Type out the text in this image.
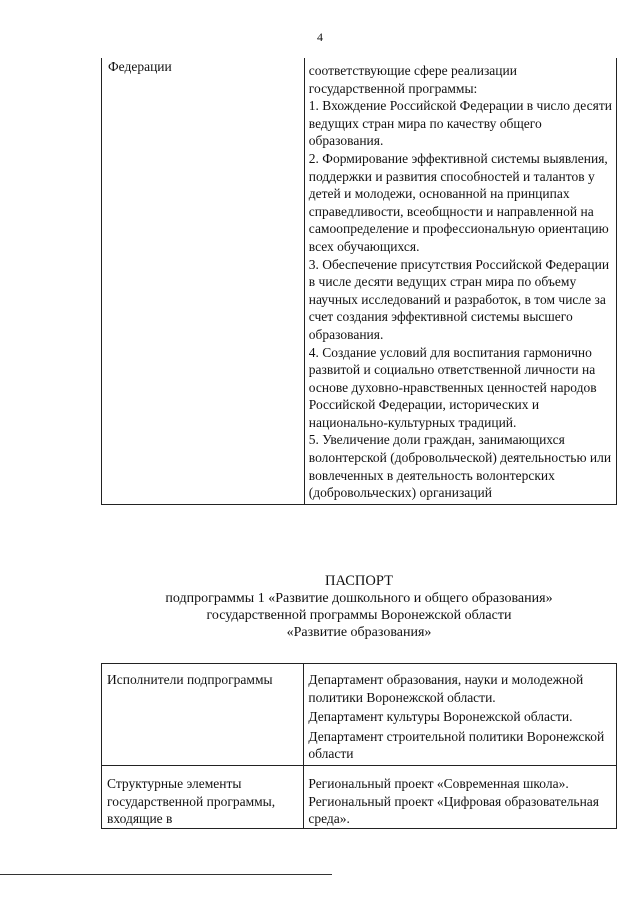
4
Федерации	соответствующие сфере реализации государственной программы:

1. Вхождение Российской Федерации в число десяти ведущих стран мира по качеству общего образования.

2. Формирование эффективной системы выявления, поддержки и развития способностей и талантов у детей и молодежи, основанной на принципах справедливости, всеобщности и направленной на самоопределение и профессиональную ориентацию всех обучающихся.

3. Обеспечение присутствия Российской Федерации в числе десяти ведущих стран мира по объему научных исследований и разработок, в том числе за счет создания эффективной системы высшего образования.

4. Создание условий для воспитания гармонично развитой и социально ответственной личности на основе духовно-нравственных ценностей народов Российской Федерации, исторических и национально-культурных традиций.

5. Увеличение доли граждан, занимающихся волонтерской (добровольческой) деятельностью или вовлеченных в деятельность волонтерских (добровольческих) организаций

ПАСПОРТ
подпрограммы 1 «Развитие дошкольного и общего образования»
государственной программы Воронежской области
«Развитие образования»
Исполнители подпрограммы	Департамент образования, науки и молодежной политики Воронежской области.

Департамент культуры Воронежской области.

Департамент строительной политики Воронежской области

Структурные элементы государственной программы, входящие в	Региональный проект «Современная школа».

Региональный проект «Цифровая образовательная среда».
